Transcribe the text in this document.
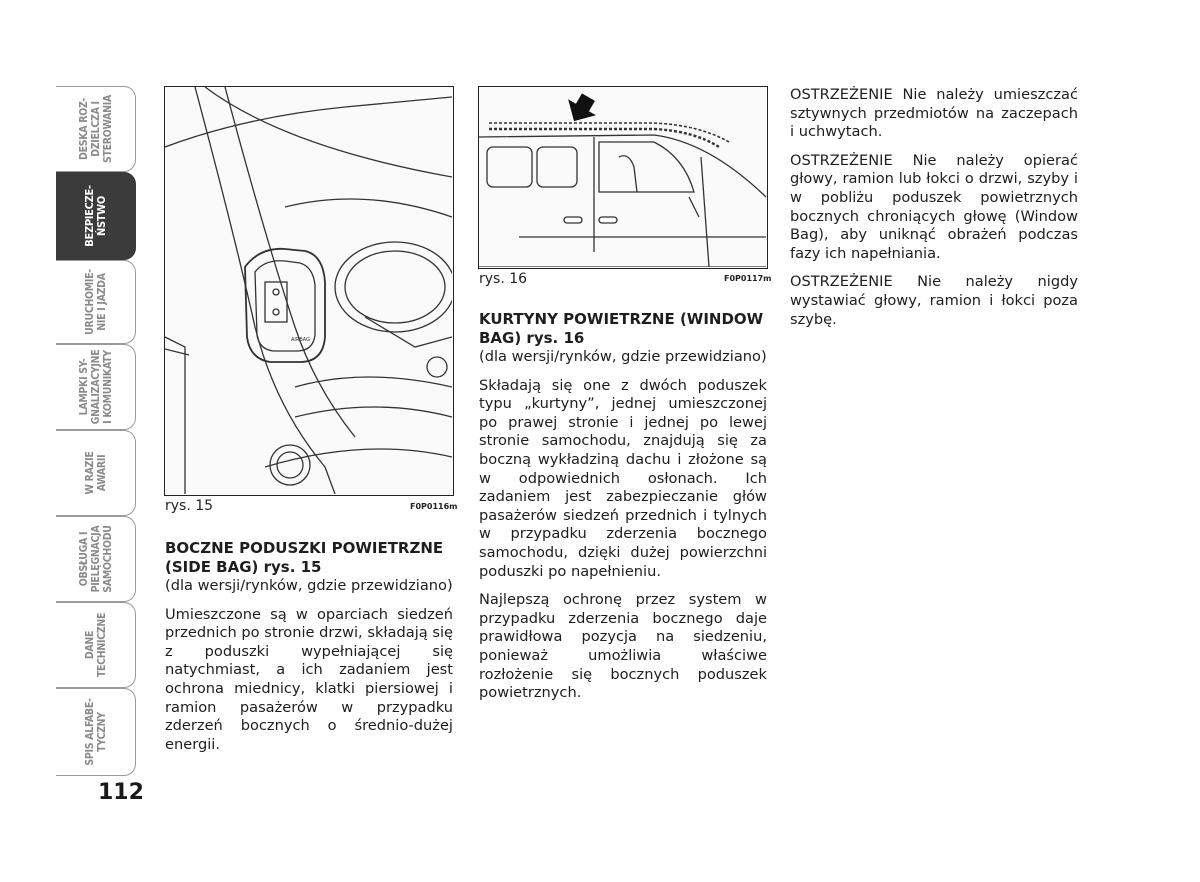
DESKA ROZ-
DZIELCZA I
STEROWANIA
BEZPIECZE-
ŃSTWO
URUCHOMIE-
NIE I JAZDA
LAMPKI SY-
GNALIZACYJNE
I KOMUNIKATY
W RAZIE
AWARII
OBSŁUGA I
PIELĘGNACJA
SAMOCHODU
DANE
TECHNICZNE
SPIS ALFABE-
TYCZNY
112
AIRBAG
rys. 15	F0P0116m
rys. 16	F0P0117m
BOCZNE PODUSZKI POWIETRZNE (SIDE BAG) rys. 15
(dla wersji/rynków, gdzie przewidziano)

Umieszczone są w oparciach siedzeń przednich po stronie drzwi, składają się z poduszki wypełniającej się natychmiast, a ich zadaniem jest ochrona miednicy, klatki piersiowej i ramion pasażerów w przypadku zderzeń bocznych o średnio-dużej energii.

KURTYNY POWIETRZNE (WINDOW BAG) rys. 16
(dla wersji/rynków, gdzie przewidziano)

Składają się one z dwóch poduszek typu „kurtyny”, jednej umieszczonej po prawej stronie i jednej po lewej stronie samochodu, znajdują się za boczną wykładziną dachu i złożone są w odpowiednich osłonach. Ich zadaniem jest zabezpieczanie głów pasażerów siedzeń przednich i tylnych w przypadku zderzenia bocznego samochodu, dzięki dużej powierzchni poduszki po napełnieniu.

Najlepszą ochronę przez system w przypadku zderzenia bocznego daje prawidłowa pozycja na siedzeniu, ponieważ umożliwia właściwe rozłożenie się bocznych poduszek powietrznych.

OSTRZEŻENIE Nie należy umieszczać sztywnych przedmiotów na zaczepach i uchwytach.

OSTRZEŻENIE Nie należy opierać głowy, ramion lub łokci o drzwi, szyby i w pobliżu poduszek powietrznych bocznych chroniących głowę (Window Bag), aby uniknąć obrażeń podczas fazy ich napełniania.

OSTRZEŻENIE Nie należy nigdy wystawiać głowy, ramion i łokci poza szybę.
